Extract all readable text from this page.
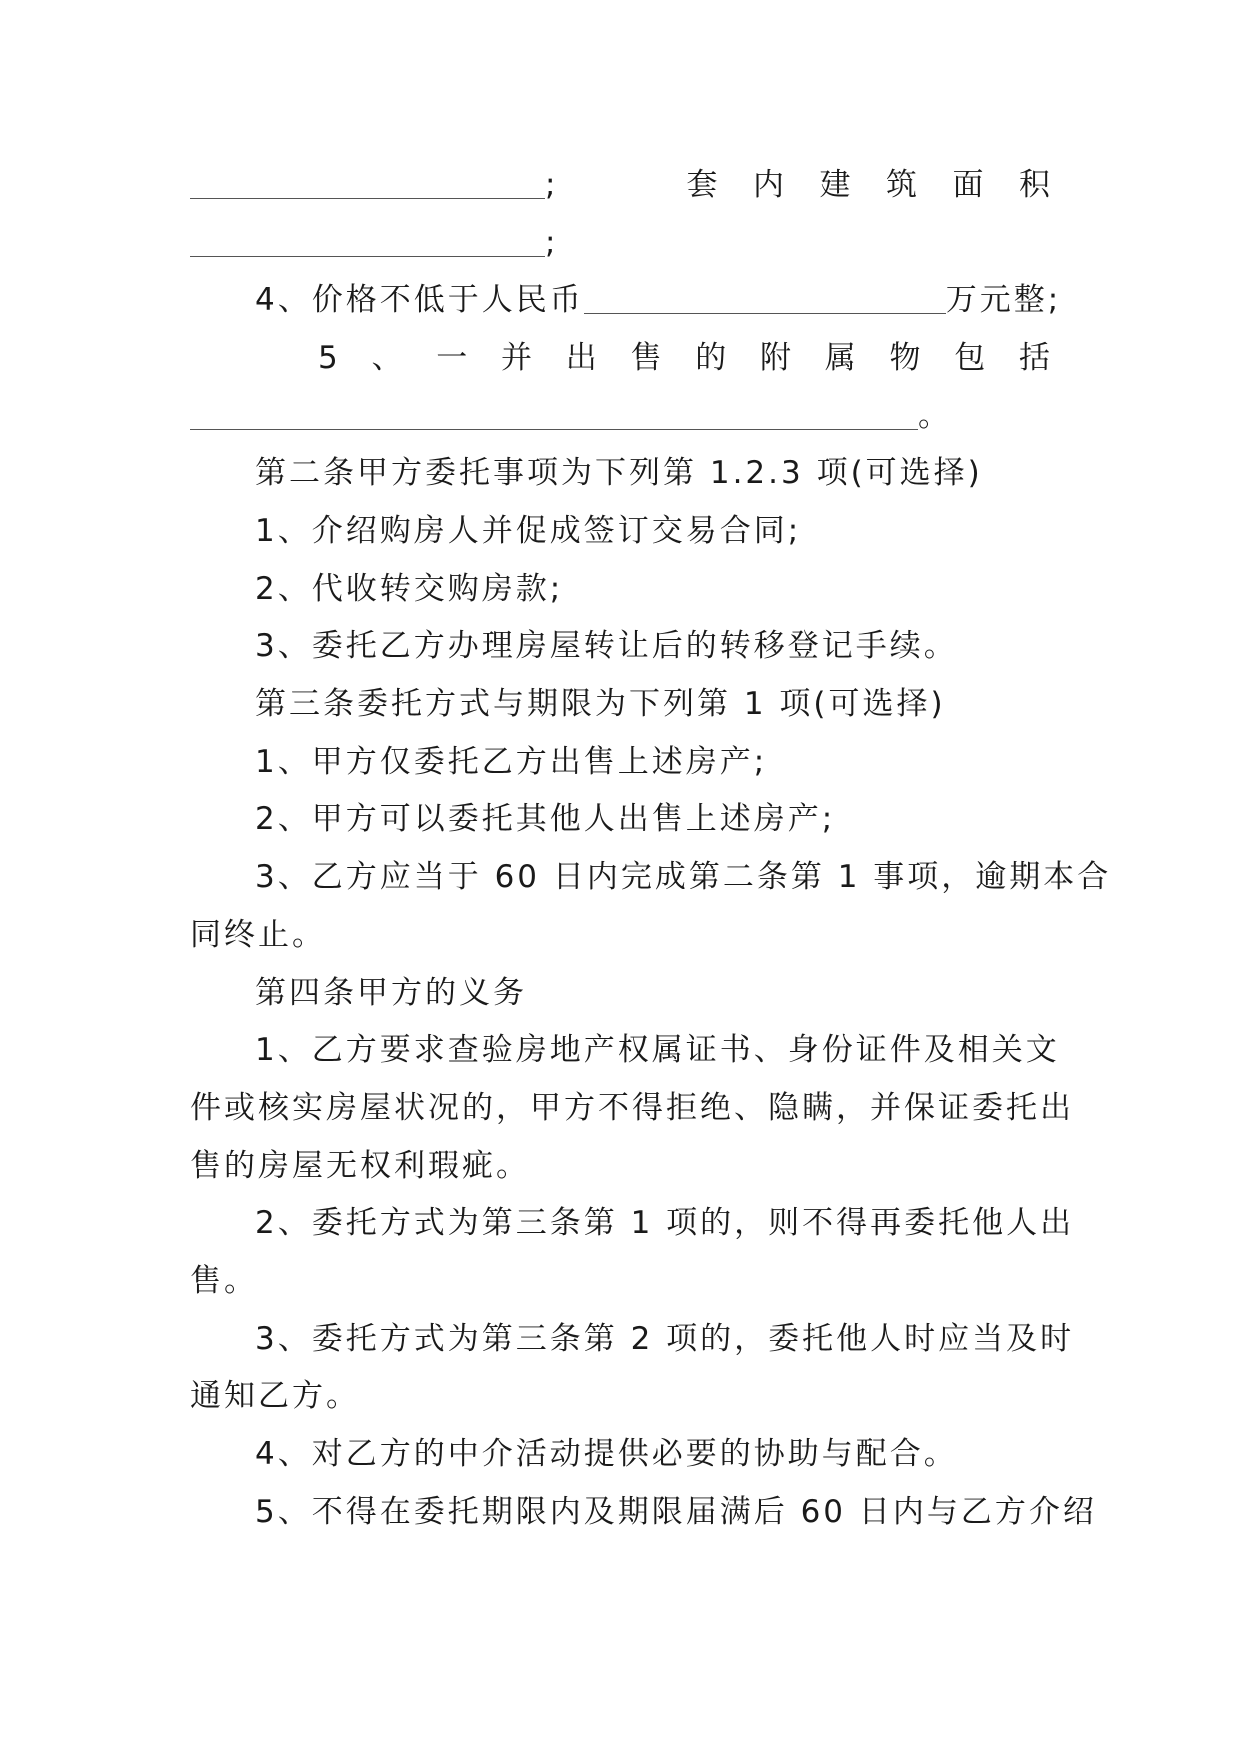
;	套 内 建 筑 面 积
;
4、价格不低于人民币	万元整;
5 、 一 并 出 售 的 附 属 物 包 括
。
第二条甲方委托事项为下列第 1.2.3 项(可选择)
1、介绍购房人并促成签订交易合同;
2、代收转交购房款;
3、委托乙方办理房屋转让后的转移登记手续。
第三条委托方式与期限为下列第 1 项(可选择)
1、甲方仅委托乙方出售上述房产;
2、甲方可以委托其他人出售上述房产;
3、乙方应当于 60 日内完成第二条第 1 事项，逾期本合
同终止。
第四条甲方的义务
1、乙方要求查验房地产权属证书、身份证件及相关文
件或核实房屋状况的，甲方不得拒绝、隐瞒，并保证委托出
售的房屋无权利瑕疵。
2、委托方式为第三条第 1 项的，则不得再委托他人出
售。
3、委托方式为第三条第 2 项的，委托他人时应当及时
通知乙方。
4、对乙方的中介活动提供必要的协助与配合。
5、不得在委托期限内及期限届满后 60 日内与乙方介绍
